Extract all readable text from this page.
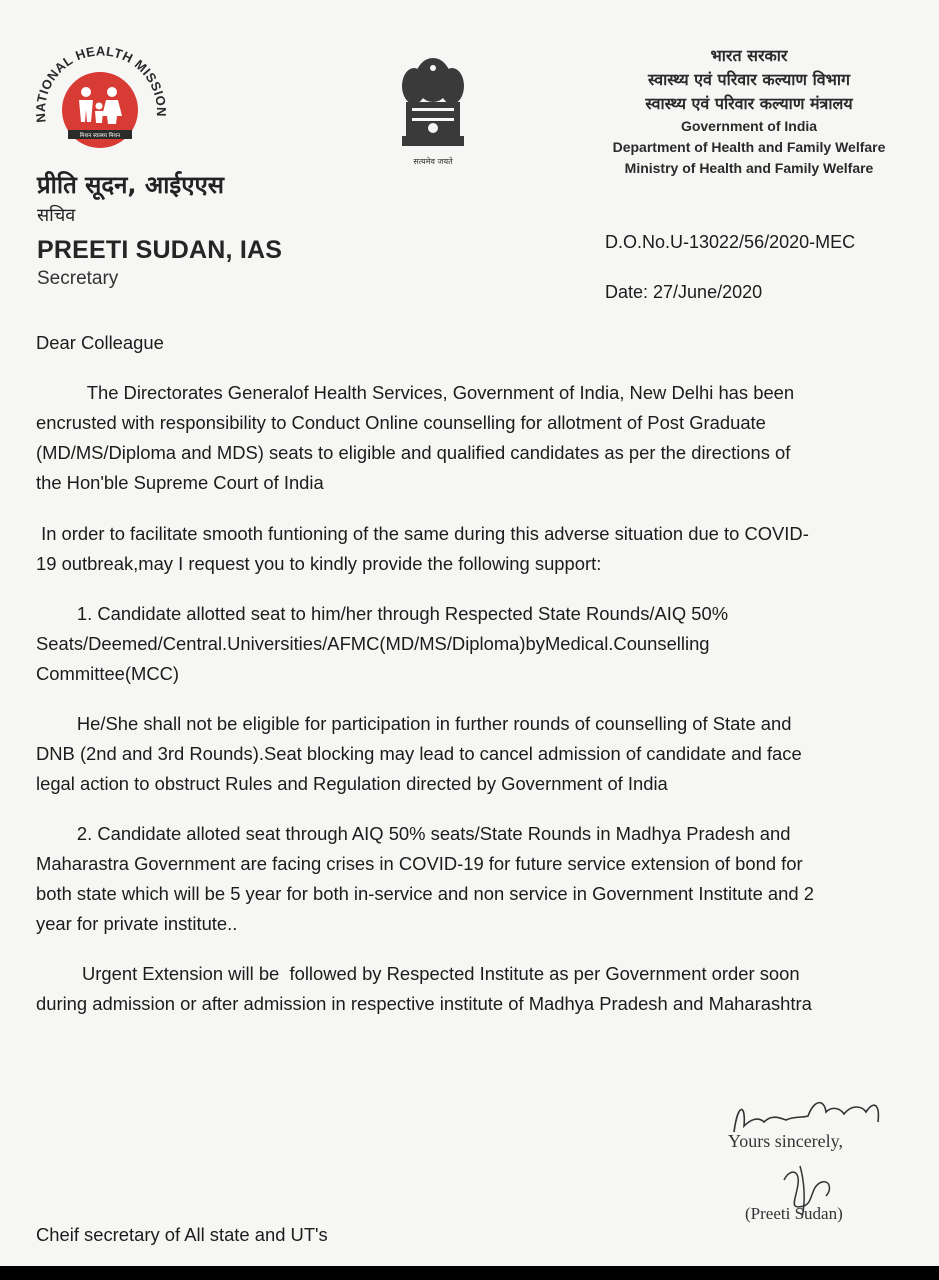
NATIONAL HEALTH MISSION
मिशन स्वास्थ्य मिशन
सत्यमेव जयते
प्रीति सूदन, आईएएस
सचिव
PREETI SUDAN, IAS
Secretary
भारत सरकार
स्वास्थ्य एवं परिवार कल्याण विभाग
स्वास्थ्य एवं परिवार कल्याण मंत्रालय
Government of India
Department of Health and Family Welfare
Ministry of Health and Family Welfare
D.O.No.U-13022/56/2020-MEC
Date: 27/June/2020

Dear Colleague

The Directorates Generalof Health Services, Government of India, New Delhi has been

encrusted with responsibility to Conduct Online counselling for allotment of Post Graduate

(MD/MS/Diploma and MDS) seats to eligible and qualified candidates as per the directions of

the Hon'ble Supreme Court of India

In order to facilitate smooth funtioning of the same during this adverse situation due to COVID-

19 outbreak,may I request you to kindly provide the following support:

1. Candidate allotted seat to him/her through Respected State Rounds/AIQ 50%

Seats/Deemed/Central.Universities/AFMC(MD/MS/Diploma)byMedical.Counselling

Committee(MCC)

He/She shall not be eligible for participation in further rounds of counselling of State and

DNB (2nd and 3rd Rounds).Seat blocking may lead to cancel admission of candidate and face

legal action to obstruct Rules and Regulation directed by Government of India

2. Candidate alloted seat through AIQ 50% seats/State Rounds in Madhya Pradesh and

Maharastra Government are facing crises in COVID-19 for future service extension of bond for

both state which will be 5 year for both in-service and non service in Government Institute and 2

year for private institute..

Urgent Extension will be  followed by Respected Institute as per Government order soon

during admission or after admission in respective institute of Madhya Pradesh and Maharashtra

Yours sincerely,
(Preeti Sudan)
Cheif secretary of All state and UT's
